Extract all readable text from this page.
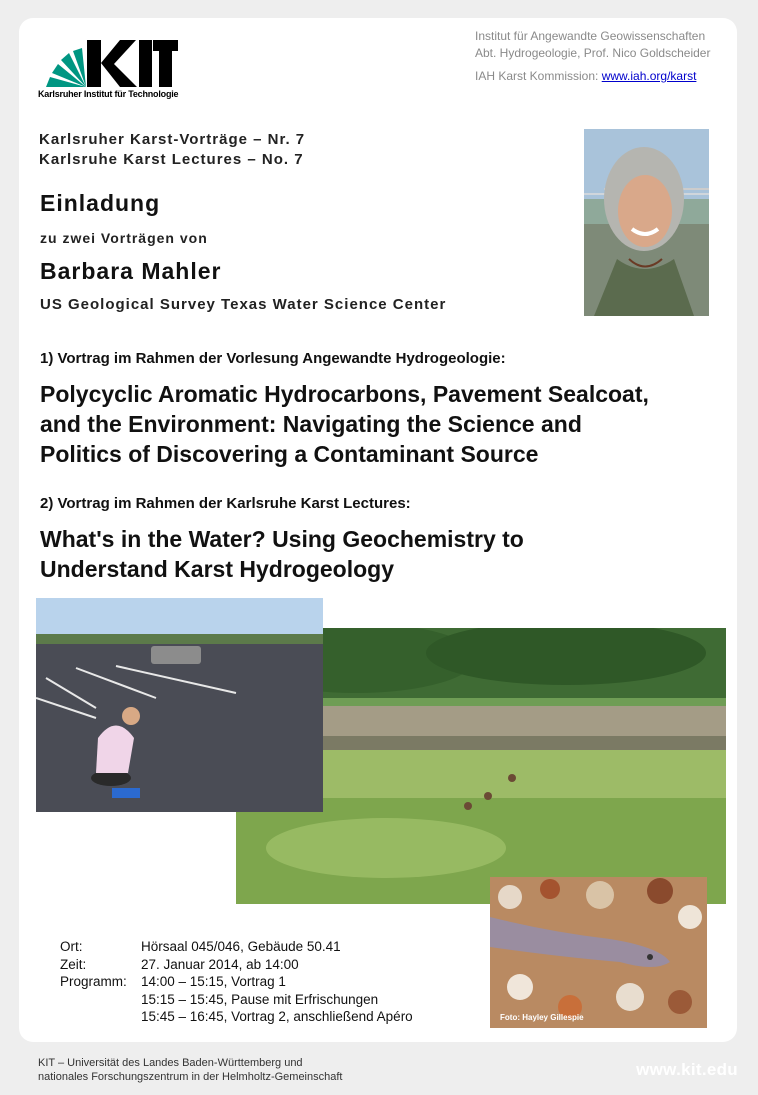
Karlsruher Institut für Technologie
Institut für Angewandte Geowissenschaften
Abt. Hydrogeologie, Prof. Nico Goldscheider
IAH Karst Kommission: www.iah.org/karst
Karlsruher Karst-Vorträge – Nr. 7
Karlsruhe Karst Lectures – No. 7
Einladung
zu zwei Vorträgen von
Barbara Mahler
US Geological Survey Texas Water Science Center
1) Vortrag im Rahmen der Vorlesung Angewandte Hydrogeologie:
Polycyclic Aromatic Hydrocarbons, Pavement Sealcoat,
and the Environment: Navigating the Science and
Politics of Discovering a Contaminant Source
2) Vortrag im Rahmen der Karlsruhe Karst Lectures:
What's in the Water? Using Geochemistry to
Understand Karst Hydrogeology
Foto: Hayley Gillespie
Ort:	Hörsaal 045/046, Gebäude 50.41
Zeit:	27. Januar 2014, ab 14:00
Programm:	14:00 – 15:15, Vortrag 1
15:15 – 15:45, Pause mit Erfrischungen
15:45 – 16:45, Vortrag 2, anschließend Apéro
KIT – Universität des Landes Baden-Württemberg und
nationales Forschungszentrum in der Helmholtz-Gemeinschaft	www.kit.edu
